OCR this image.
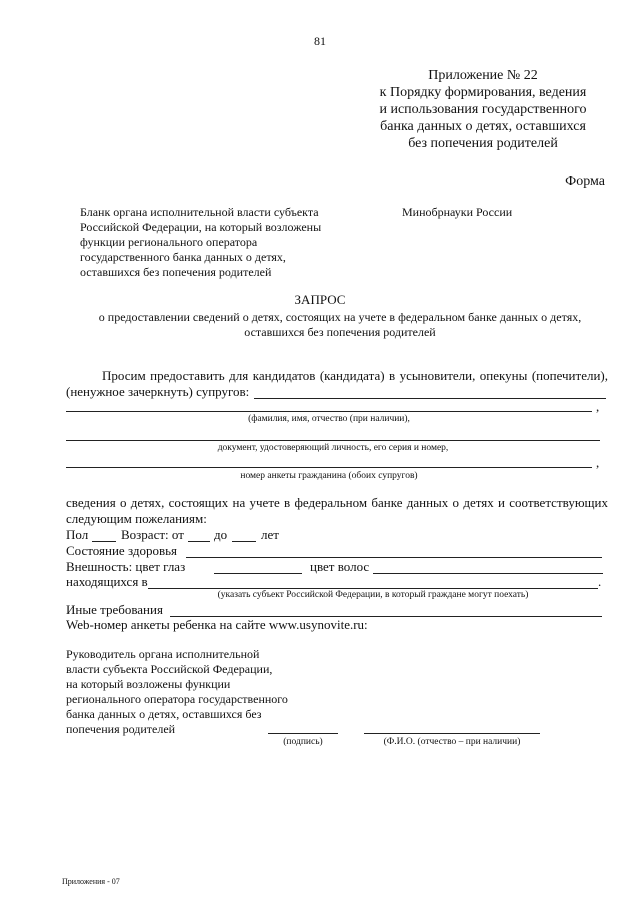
81
Приложение № 22
к Порядку формирования, ведения
и использования государственного
банка данных о детях, оставшихся
без попечения родителей
Форма
Бланк органа исполнительной власти субъекта
Российской Федерации, на который возложены
функции регионального оператора
государственного банка данных о детях,
оставшихся без попечения родителей
Минобрнауки России
ЗАПРОС
о предоставлении сведений о детях, состоящих на учете в федеральном банке данных о детях,
оставшихся без попечения родителей
Просим предоставить для кандидатов (кандидата) в усыновители, опекуны (попечители),
(ненужное зачеркнуть) супругов:
,
(фамилия, имя, отчество (при наличии),
документ, удостоверяющий личность, его серия и номер,
,
номер анкеты гражданина (обоих супругов)
сведения о детях, состоящих на учете в федеральном банке данных о детях и соответствующих
следующим пожеланиям:
Пол	Возраст: от до	лет
Состояние здоровья
Внешность: цвет глаз	цвет волос
находящихся в	.
(указать субъект Российской Федерации, в который граждане могут поехать)
Иные требования
Web-номер анкеты ребенка на сайте www.usynovite.ru:
Руководитель органа исполнительной
власти субъекта Российской Федерации,
на который возложены функции
регионального оператора государственного
банка данных о детях, оставшихся без
попечения родителей
(подпись)	(Ф.И.О. (отчество – при наличии)
Приложения - 07
